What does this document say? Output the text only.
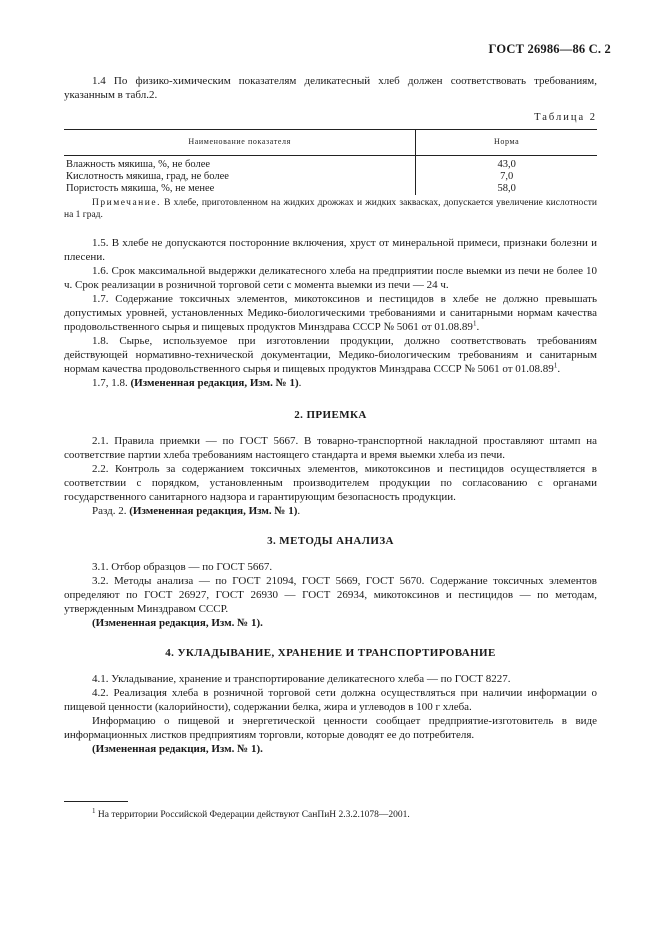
ГОСТ 26986—86 С. 2

1.4 По физико-химическим показателям деликатесный хлеб должен соответствовать требованиям, указанным в табл.2.

Таблица 2
Наименование показателя	Норма
Влажность мякиша, %, не более	43,0
Кислотность мякиша, град, не более	7,0
Пористость мякиша, %, не менее	58,0

Примечание. В хлебе, приготовленном на жидких дрожжах и жидких заквасках, допускается увеличение кислотности на 1 град.

1.5. В хлебе не допускаются посторонние включения, хруст от минеральной примеси, признаки болезни и плесени.

1.6. Срок максимальной выдержки деликатесного хлеба на предприятии после выемки из печи не более 10 ч. Срок реализации в розничной торговой сети с момента выемки из печи — 24 ч.

1.7. Содержание токсичных элементов, микотоксинов и пестицидов в хлебе не должно превышать допустимых уровней, установленных Медико-биологическими требованиями и санитарными нормам качества продовольственного сырья и пищевых продуктов Минздрава СССР № 5061 от 01.08.89$^1$.

1.8. Сырье, используемое при изготовлении продукции, должно соответствовать требованиям действующей нормативно-технической документации, Медико-биологическим требованиям и санитарным нормам качества продовольственного сырья и пищевых продуктов Минздрава СССР № 5061 от 01.08.89$^1$.

1.7, 1.8. (Измененная редакция, Изм. № 1).

2. ПРИЕМКА

2.1. Правила приемки — по ГОСТ 5667. В товарно-транспортной накладной проставляют штамп на соответствие партии хлеба требованиям настоящего стандарта и время выемки хлеба из печи.

2.2. Контроль за содержанием токсичных элементов, микотоксинов и пестицидов осуществляется в соответствии с порядком, установленным производителем продукции по согласованию с органами государственного санитарного надзора и гарантирующим безопасность продукции.

Разд. 2. (Измененная редакция, Изм. № 1).

3. МЕТОДЫ АНАЛИЗА

3.1. Отбор образцов — по ГОСТ 5667.

3.2. Методы анализа — по ГОСТ 21094, ГОСТ 5669, ГОСТ 5670. Содержание токсичных элементов определяют по ГОСТ 26927, ГОСТ 26930 — ГОСТ 26934, микотоксинов и пестицидов — по методам, утвержденным Минздравом СССР.

(Измененная редакция, Изм. № 1).

4. УКЛАДЫВАНИЕ, ХРАНЕНИЕ И ТРАНСПОРТИРОВАНИЕ

4.1. Укладывание, хранение и транспортирование деликатесного хлеба — по ГОСТ 8227.

4.2. Реализация хлеба в розничной торговой сети должна осуществляться при наличии информации о пищевой ценности (калорийности), содержании белка, жира и углеводов в 100 г хлеба.

Информацию о пищевой и энергетической ценности сообщает предприятие-изготовитель в виде информационных листков предприятиям торговли, которые доводят ее до потребителя.

(Измененная редакция, Изм. № 1).

$^1$ На территории Российской Федерации действуют СанПиН 2.3.2.1078—2001.
